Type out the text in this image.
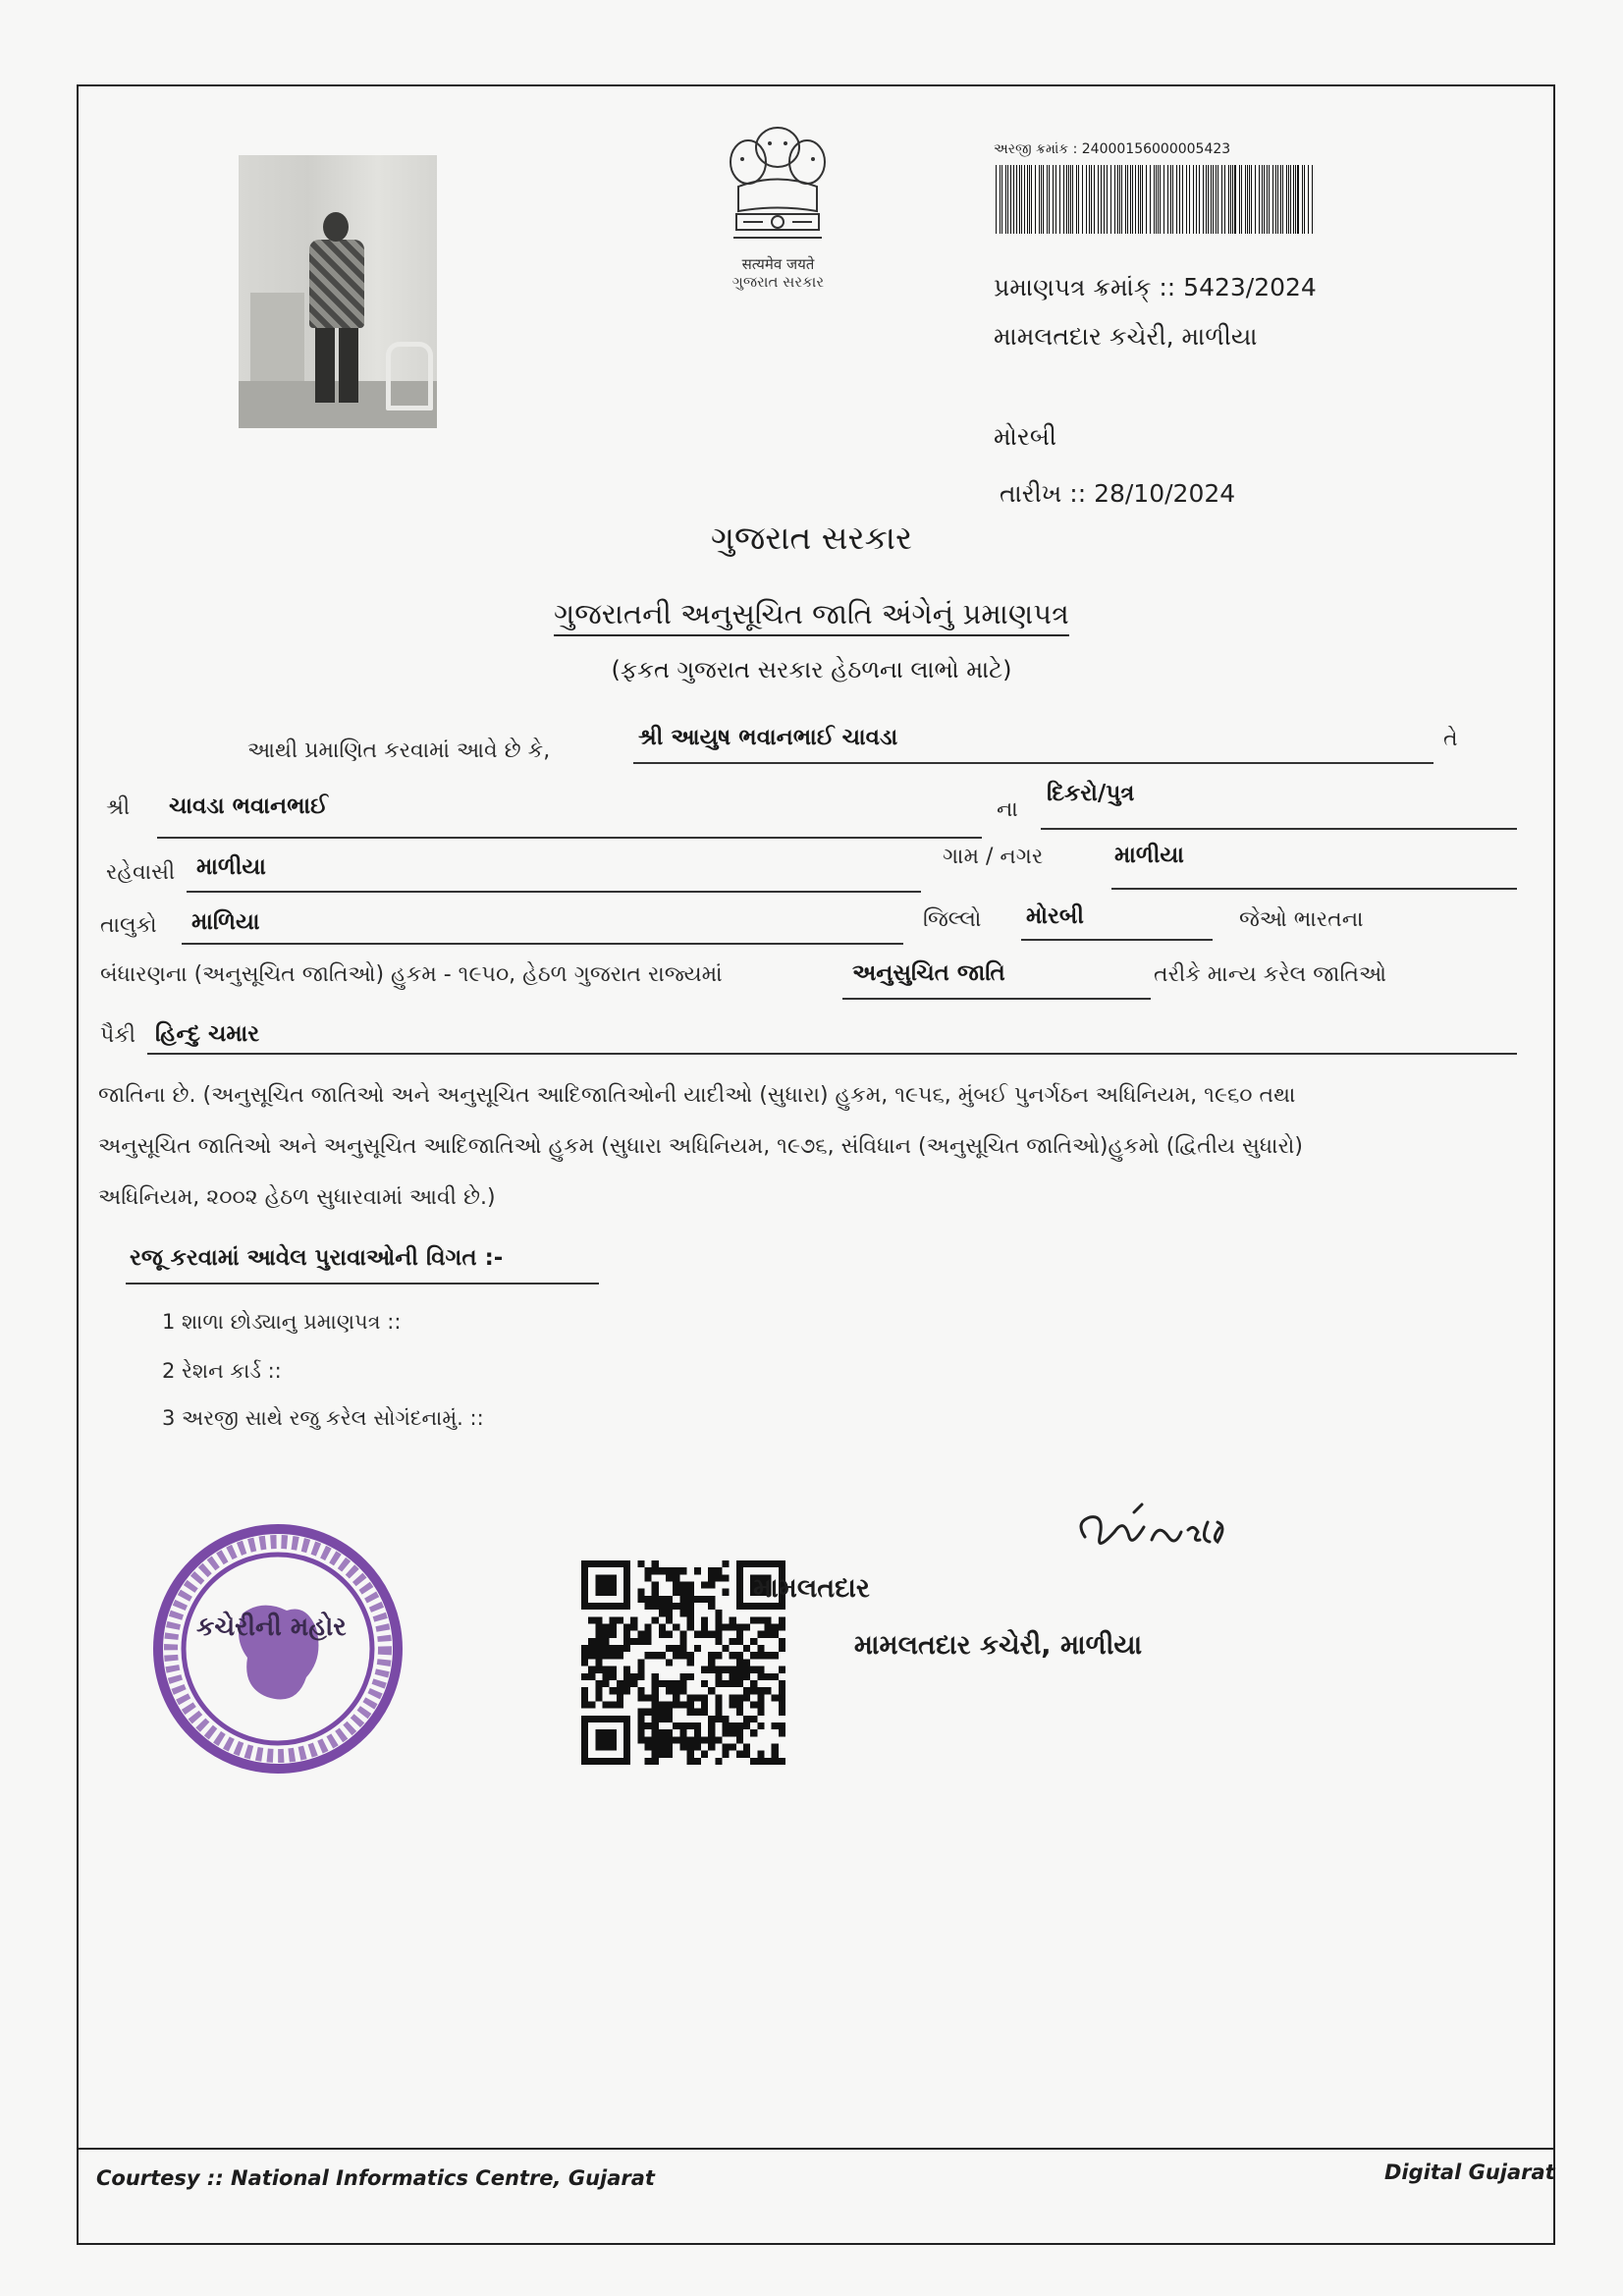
सत्यमेव जयते
ગુજરાત સરકાર
અરજી ક્રમાંક : 24000156000005423
પ્રમાણપત્ર ક્રમાંક્ :: 5423/2024
મામલતદાર કચેરી, માળીયા
મોરબી
તારીખ :: 28/10/2024
ગુજરાત સરકાર
ગુજરાતની અનુસૂચિત જાતિ અંગેનું પ્રમાણપત્ર
(ફકત ગુજરાત સરકાર હેઠળના લાભો માટે)
આથી પ્રમાણિત કરવામાં આવે છે કે,
શ્રી આયુષ ભવાનભાઈ ચાવડા	તે
શ્રી ચાવડા ભવાનભાઈ	ના
દિકરો/પુત્ર
રહેવાસી માળીયા	ગામ / નગર	માળીયા
તાલુકો માળિયા	જિલ્લો મોરબી	જેઓ ભારતના
બંધારણના (અનુસૂચિત જાતિઓ) હુકમ - ૧૯૫૦, હેઠળ ગુજરાત રાજ્યમાં	અનુસુચિત જાતિ	તરીકે માન્ય કરેલ જાતિઓ
પૈકી હિન્દુ ચમાર
જાતિના છે. (અનુસૂચિત જાતિઓ અને અનુસૂચિત આદિજાતિઓની યાદીઓ (સુધારા) હુકમ, ૧૯૫૬, મુંબઈ પુનર્ગઠન અધિનિયમ, ૧૯૬૦ તથા
અનુસૂચિત જાતિઓ અને અનુસૂચિત આદિજાતિઓ હુકમ (સુધારા અધિનિયમ, ૧૯૭૬, સંવિધાન (અનુસૂચિત જાતિઓ)હુકમો (દ્વિતીય સુધારો)
અધિનિયમ, ૨૦૦૨ હેઠળ સુધારવામાં આવી છે.)
રજૂ કરવામાં આવેલ પુરાવાઓની વિગત :-
1 શાળા છોડ્યાનુ પ્રમાણપત્ર ::
2 રેશન કાર્ડ ::
3 અરજી સાથે રજુ કરેલ સોગંદનામું. ::
કચેરીની મહોર
મામલતદાર
મામલતદાર કચેરી, માળીયા
Courtesy :: National Informatics Centre, Gujarat	Digital Gujarat
